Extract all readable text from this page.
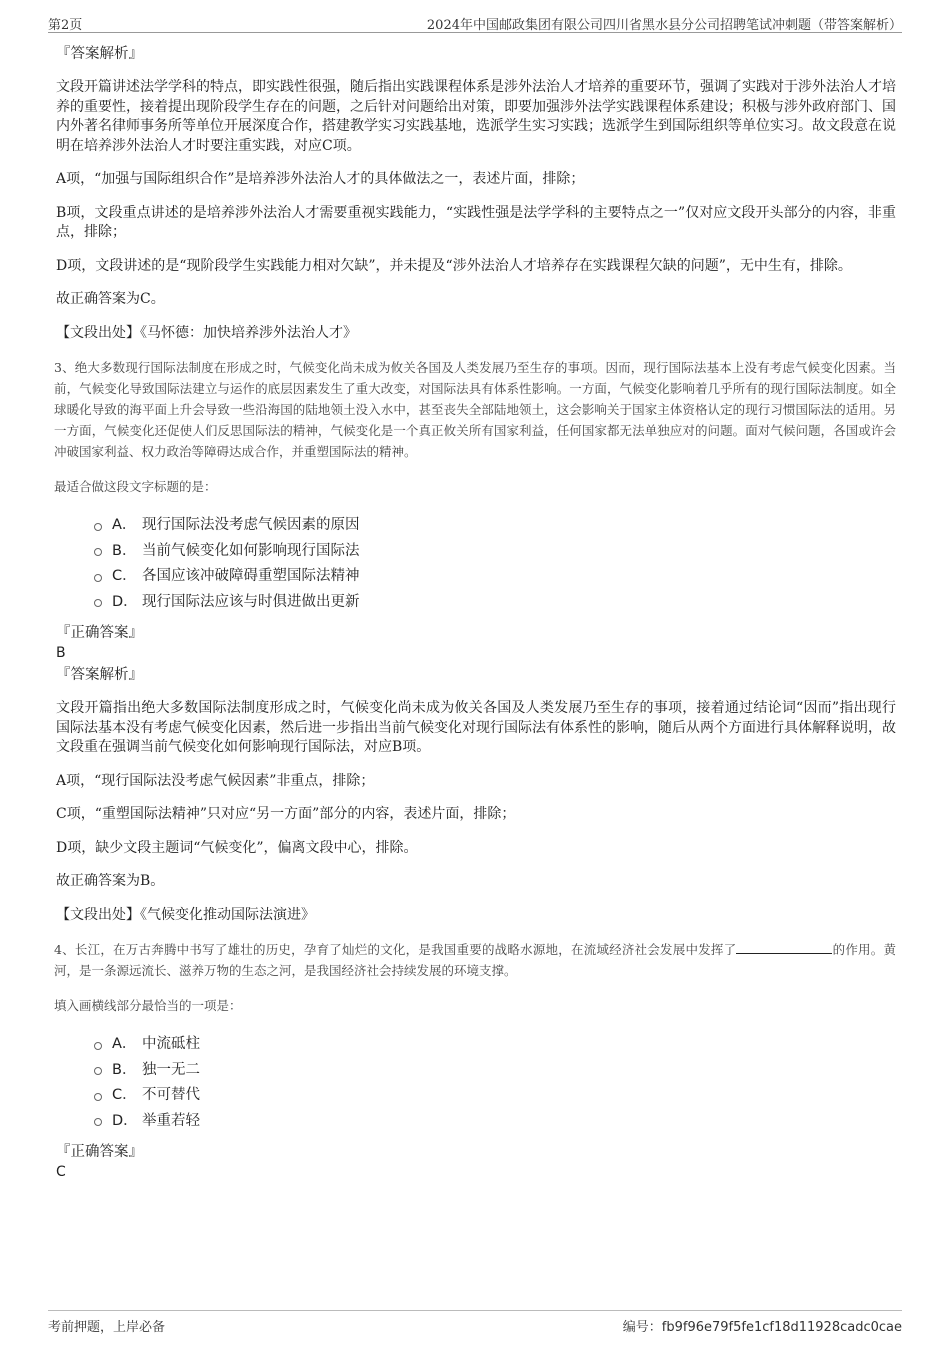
第2页	2024年中国邮政集团有限公司四川省黑水县分公司招聘笔试冲刺题（带答案解析）
『答案解析』

文段开篇讲述法学学科的特点，即实践性很强，随后指出实践课程体系是涉外法治人才培养的重要环节，强调了实践对于涉外法治人才培养的重要性，接着提出现阶段学生存在的问题，之后针对问题给出对策，即要加强涉外法学实践课程体系建设；积极与涉外政府部门、国内外著名律师事务所等单位开展深度合作，搭建教学实习实践基地，选派学生实习实践；选派学生到国际组织等单位实习。故文段意在说明在培养涉外法治人才时要注重实践，对应C项。

A项，“加强与国际组织合作”是培养涉外法治人才的具体做法之一，表述片面，排除；

B项，文段重点讲述的是培养涉外法治人才需要重视实践能力，“实践性强是法学学科的主要特点之一”仅对应文段开头部分的内容，非重点，排除；

D项，文段讲述的是“现阶段学生实践能力相对欠缺”，并未提及“涉外法治人才培养存在实践课程欠缺的问题”，无中生有，排除。

故正确答案为C。

【文段出处】《马怀德：加快培养涉外法治人才》

3、绝大多数现行国际法制度在形成之时，气候变化尚未成为攸关各国及人类发展乃至生存的事项。因而，现行国际法基本上没有考虑气候变化因素。当前，气候变化导致国际法建立与运作的底层因素发生了重大改变，对国际法具有体系性影响。一方面，气候变化影响着几乎所有的现行国际法制度。如全球暖化导致的海平面上升会导致一些沿海国的陆地领土没入水中，甚至丧失全部陆地领土，这会影响关于国家主体资格认定的现行习惯国际法的适用。另一方面，气候变化还促使人们反思国际法的精神，气候变化是一个真正攸关所有国家利益，任何国家都无法单独应对的问题。面对气候问题，各国或许会冲破国家利益、权力政治等障碍达成合作，并重塑国际法的精神。

最适合做这段文字标题的是：

A． 现行国际法没考虑气候因素的原因
B． 当前气候变化如何影响现行国际法
C． 各国应该冲破障碍重塑国际法精神
D． 现行国际法应该与时俱进做出更新
『正确答案』
B
『答案解析』

文段开篇指出绝大多数国际法制度形成之时，气候变化尚未成为攸关各国及人类发展乃至生存的事项，接着通过结论词“因而”指出现行国际法基本没有考虑气候变化因素，然后进一步指出当前气候变化对现行国际法有体系性的影响，随后从两个方面进行具体解释说明，故文段重在强调当前气候变化如何影响现行国际法，对应B项。

A项，“现行国际法没考虑气候因素”非重点，排除；

C项，“重塑国际法精神”只对应“另一方面”部分的内容，表述片面，排除；

D项，缺少文段主题词“气候变化”，偏离文段中心，排除。

故正确答案为B。

【文段出处】《气候变化推动国际法演进》

4、长江，在万古奔腾中书写了雄壮的历史，孕育了灿烂的文化，是我国重要的战略水源地，在流域经济社会发展中发挥了	的作用。黄河，是一条源远流长、滋养万物的生态之河，是我国经济社会持续发展的环境支撑。

填入画横线部分最恰当的一项是：

A． 中流砥柱
B． 独一无二
C． 不可替代
D． 举重若轻
『正确答案』
C
考前押题，上岸必备	编号：fb9f96e79f5fe1cf18d11928cadc0cae
